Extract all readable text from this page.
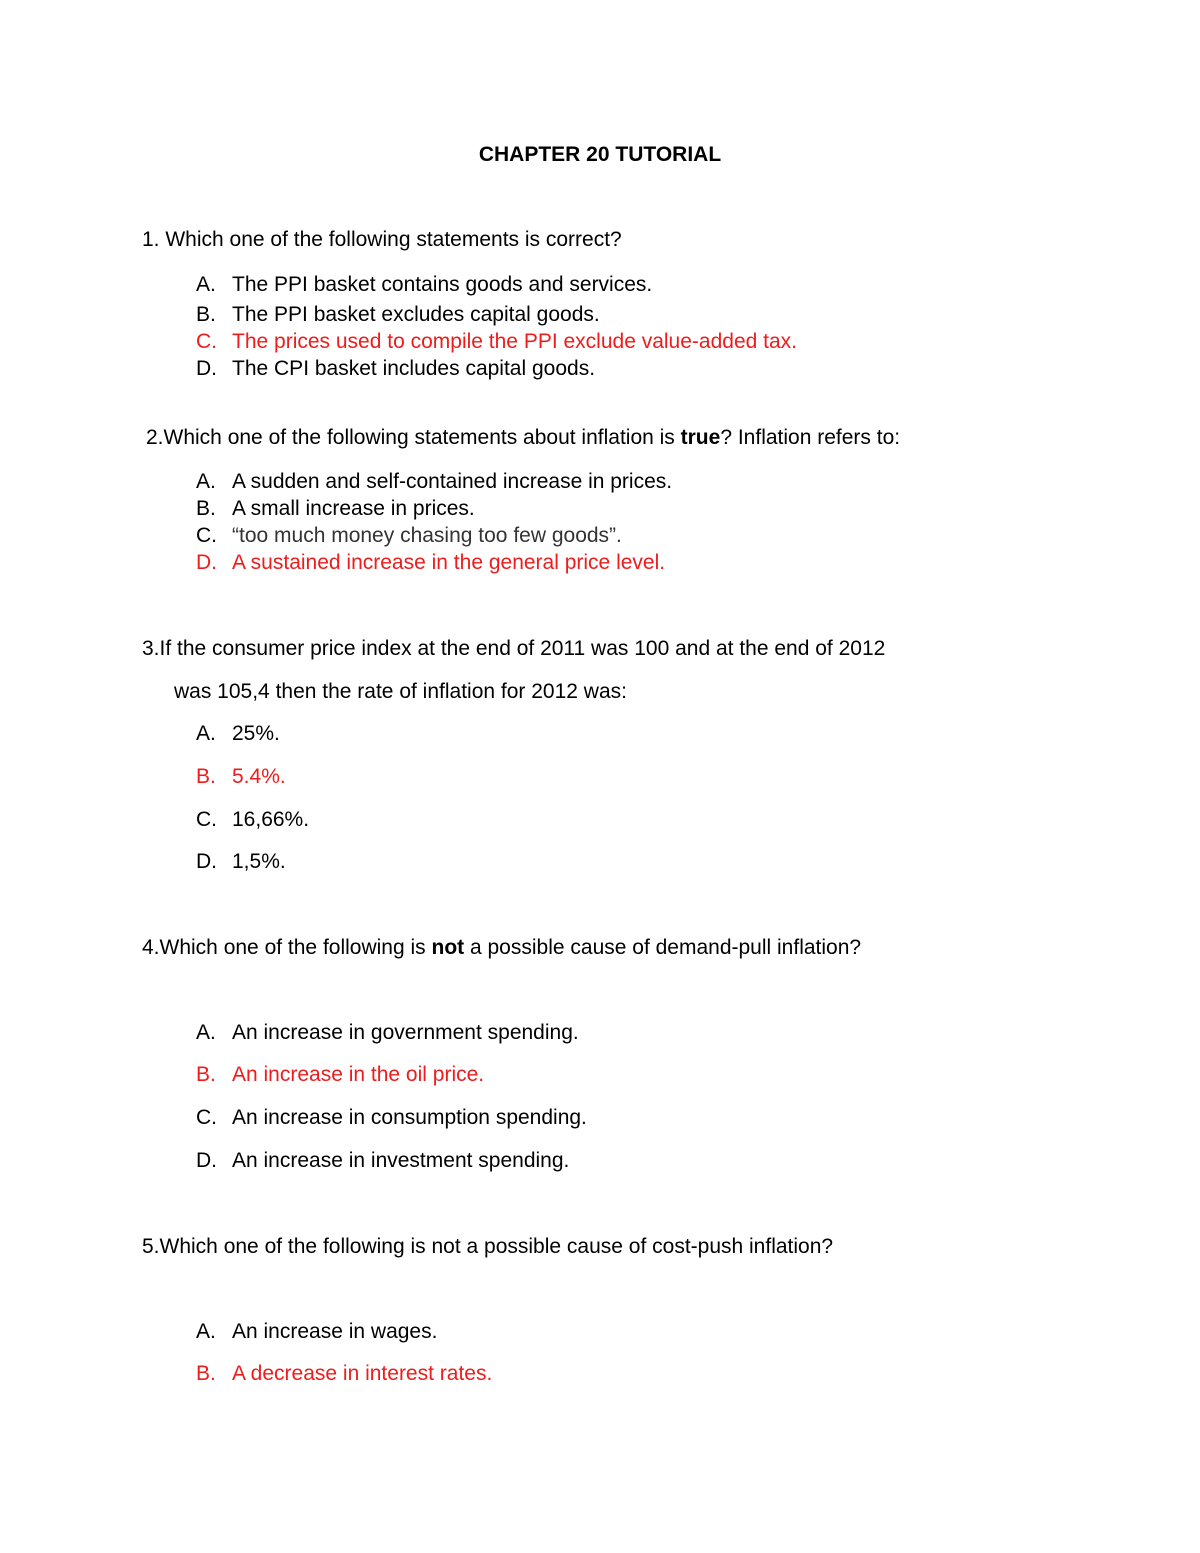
CHAPTER 20 TUTORIAL
1. Which one of the following statements is correct?
A. The PPI basket contains goods and services.
B. The PPI basket excludes capital goods.
C. The prices used to compile the PPI exclude value-added tax.
D. The CPI basket includes capital goods.
2.Which one of the following statements about inflation is true? Inflation refers to:
A. A sudden and self-contained increase in prices.
B. A small increase in prices.
C. “too much money chasing too few goods”.
D. A sustained increase in the general price level.
3.If the consumer price index at the end of 2011 was 100 and at the end of 2012
was 105,4 then the rate of inflation for 2012 was:
A. 25%.
B. 5.4%.
C. 16,66%.
D. 1,5%.
4.Which one of the following is not a possible cause of demand-pull inflation?
A. An increase in government spending.
B. An increase in the oil price.
C. An increase in consumption spending.
D. An increase in investment spending.
5.Which one of the following is not a possible cause of cost-push inflation?
A. An increase in wages.
B. A decrease in interest rates.
